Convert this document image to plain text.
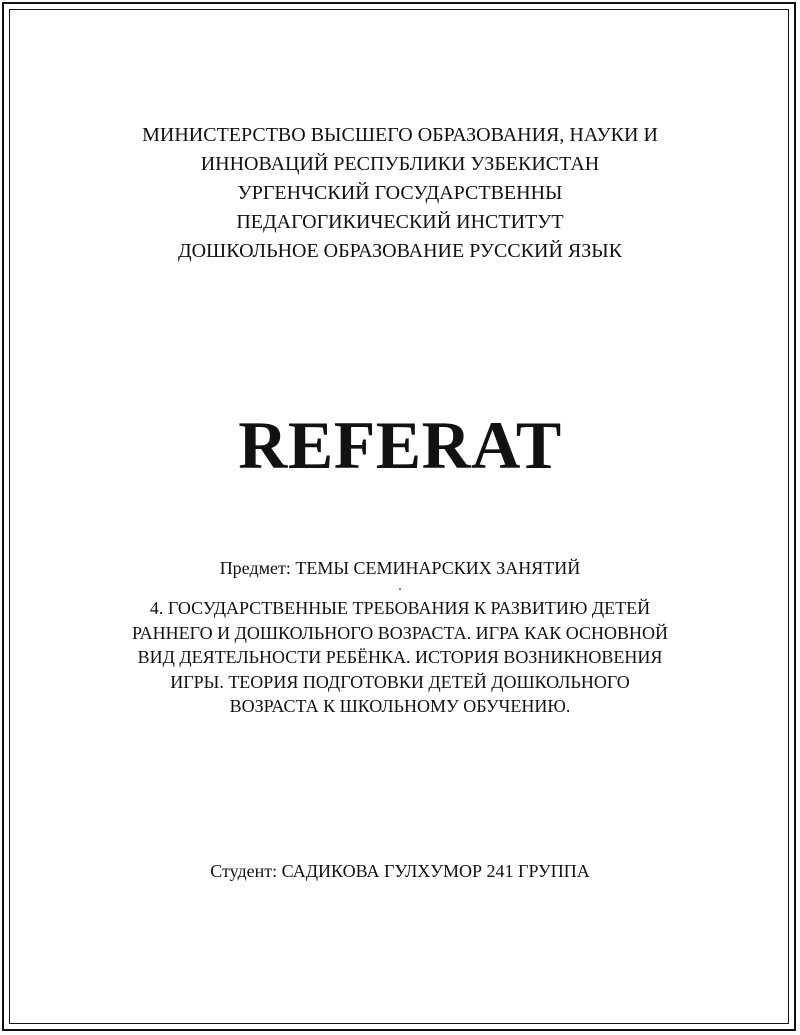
МИНИСТЕРСТВО ВЫСШЕГО ОБРАЗОВАНИЯ, НАУКИ И
ИННОВАЦИЙ РЕСПУБЛИКИ УЗБЕКИСТАН
УРГЕНЧСКИЙ ГОСУДАРСТВЕННЫ
ПЕДАГОГИКИЧЕСКИЙ ИНСТИТУТ
ДОШКОЛЬНОЕ ОБРАЗОВАНИЕ РУССКИЙ ЯЗЫК
REFERAT
Предмет: ТЕМЫ СЕМИНАРСКИХ ЗАНЯТИЙ
.
4. ГОСУДАРСТВЕННЫЕ ТРЕБОВАНИЯ К РАЗВИТИЮ ДЕТЕЙ
РАННЕГО И ДОШКОЛЬНОГО ВОЗРАСТА. ИГРА КАК ОСНОВНОЙ
ВИД ДЕЯТЕЛЬНОСТИ РЕБЁНКА. ИСТОРИЯ ВОЗНИКНОВЕНИЯ
ИГРЫ. ТЕОРИЯ ПОДГОТОВКИ ДЕТЕЙ ДОШКОЛЬНОГО
ВОЗРАСТА К ШКОЛЬНОМУ ОБУЧЕНИЮ.
Студент: САДИКОВА ГУЛХУМОР 241 ГРУППА
